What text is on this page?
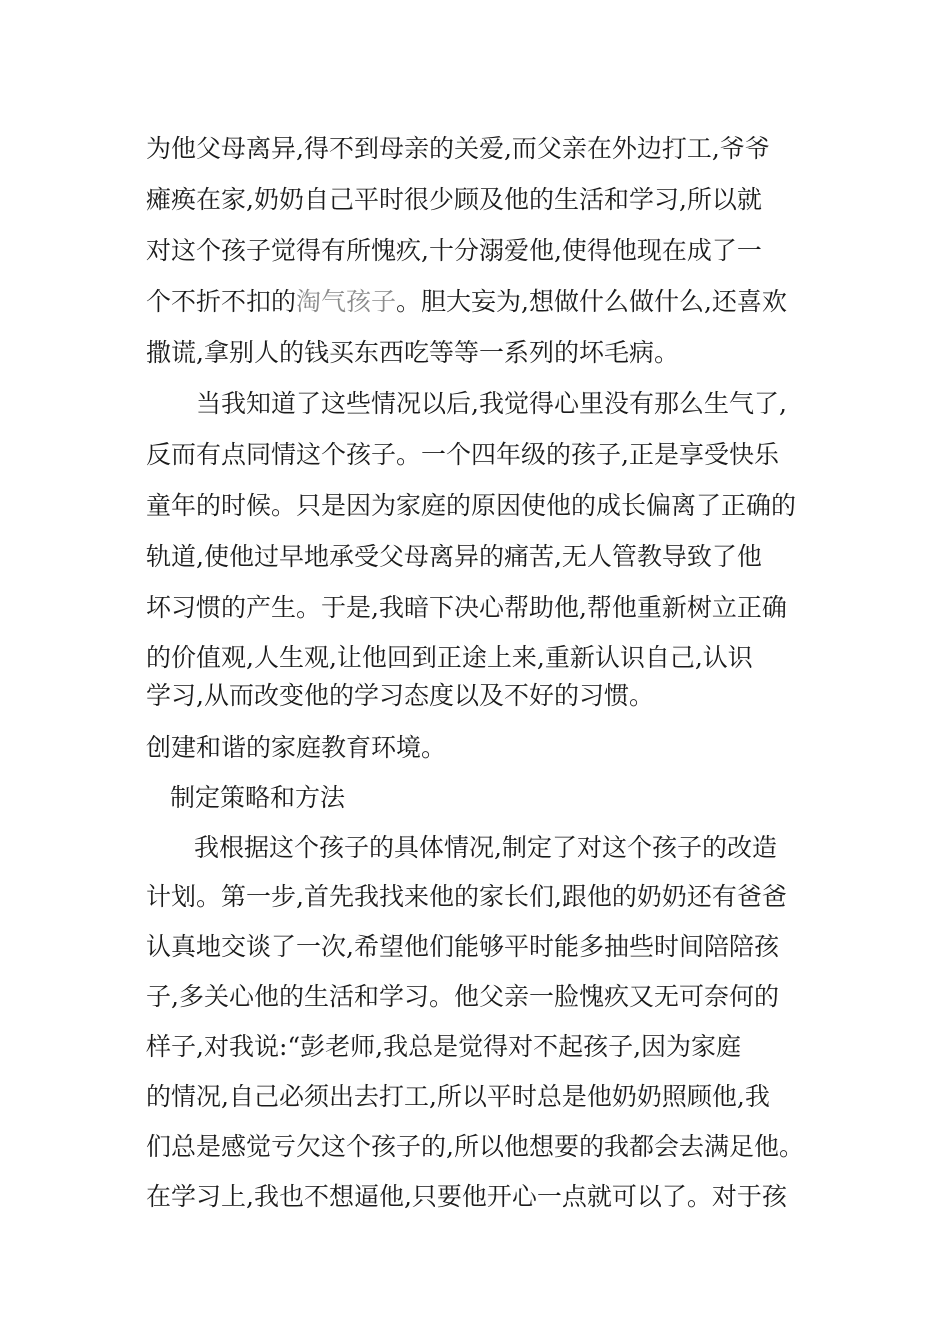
为他父母离异,得不到母亲的关爱,而父亲在外边打工,爷爷
瘫痪在家,奶奶自己平时很少顾及他的生活和学习,所以就
对这个孩子觉得有所愧疚,十分溺爱他,使得他现在成了一
个不折不扣的淘气孩子。胆大妄为,想做什么做什么,还喜欢
撒谎,拿别人的钱买东西吃等等一系列的坏毛病。
当我知道了这些情况以后,我觉得心里没有那么生气了,
反而有点同情这个孩子。一个四年级的孩子,正是享受快乐
童年的时候。只是因为家庭的原因使他的成长偏离了正确的
轨道,使他过早地承受父母离异的痛苦,无人管教导致了他
坏习惯的产生。于是,我暗下决心帮助他,帮他重新树立正确
的价值观,人生观,让他回到正途上来,重新认识自己,认识
学习,从而改变他的学习态度以及不好的习惯。
创建和谐的家庭教育环境。
制定策略和方法
我根据这个孩子的具体情况,制定了对这个孩子的改造
计划。第一步,首先我找来他的家长们,跟他的奶奶还有爸爸
认真地交谈了一次,希望他们能够平时能多抽些时间陪陪孩
子,多关心他的生活和学习。他父亲一脸愧疚又无可奈何的
样子,对我说:“彭老师,我总是觉得对不起孩子,因为家庭
的情况,自己必须出去打工,所以平时总是他奶奶照顾他,我
们总是感觉亏欠这个孩子的,所以他想要的我都会去满足他。
在学习上,我也不想逼他,只要他开心一点就可以了。对于孩
